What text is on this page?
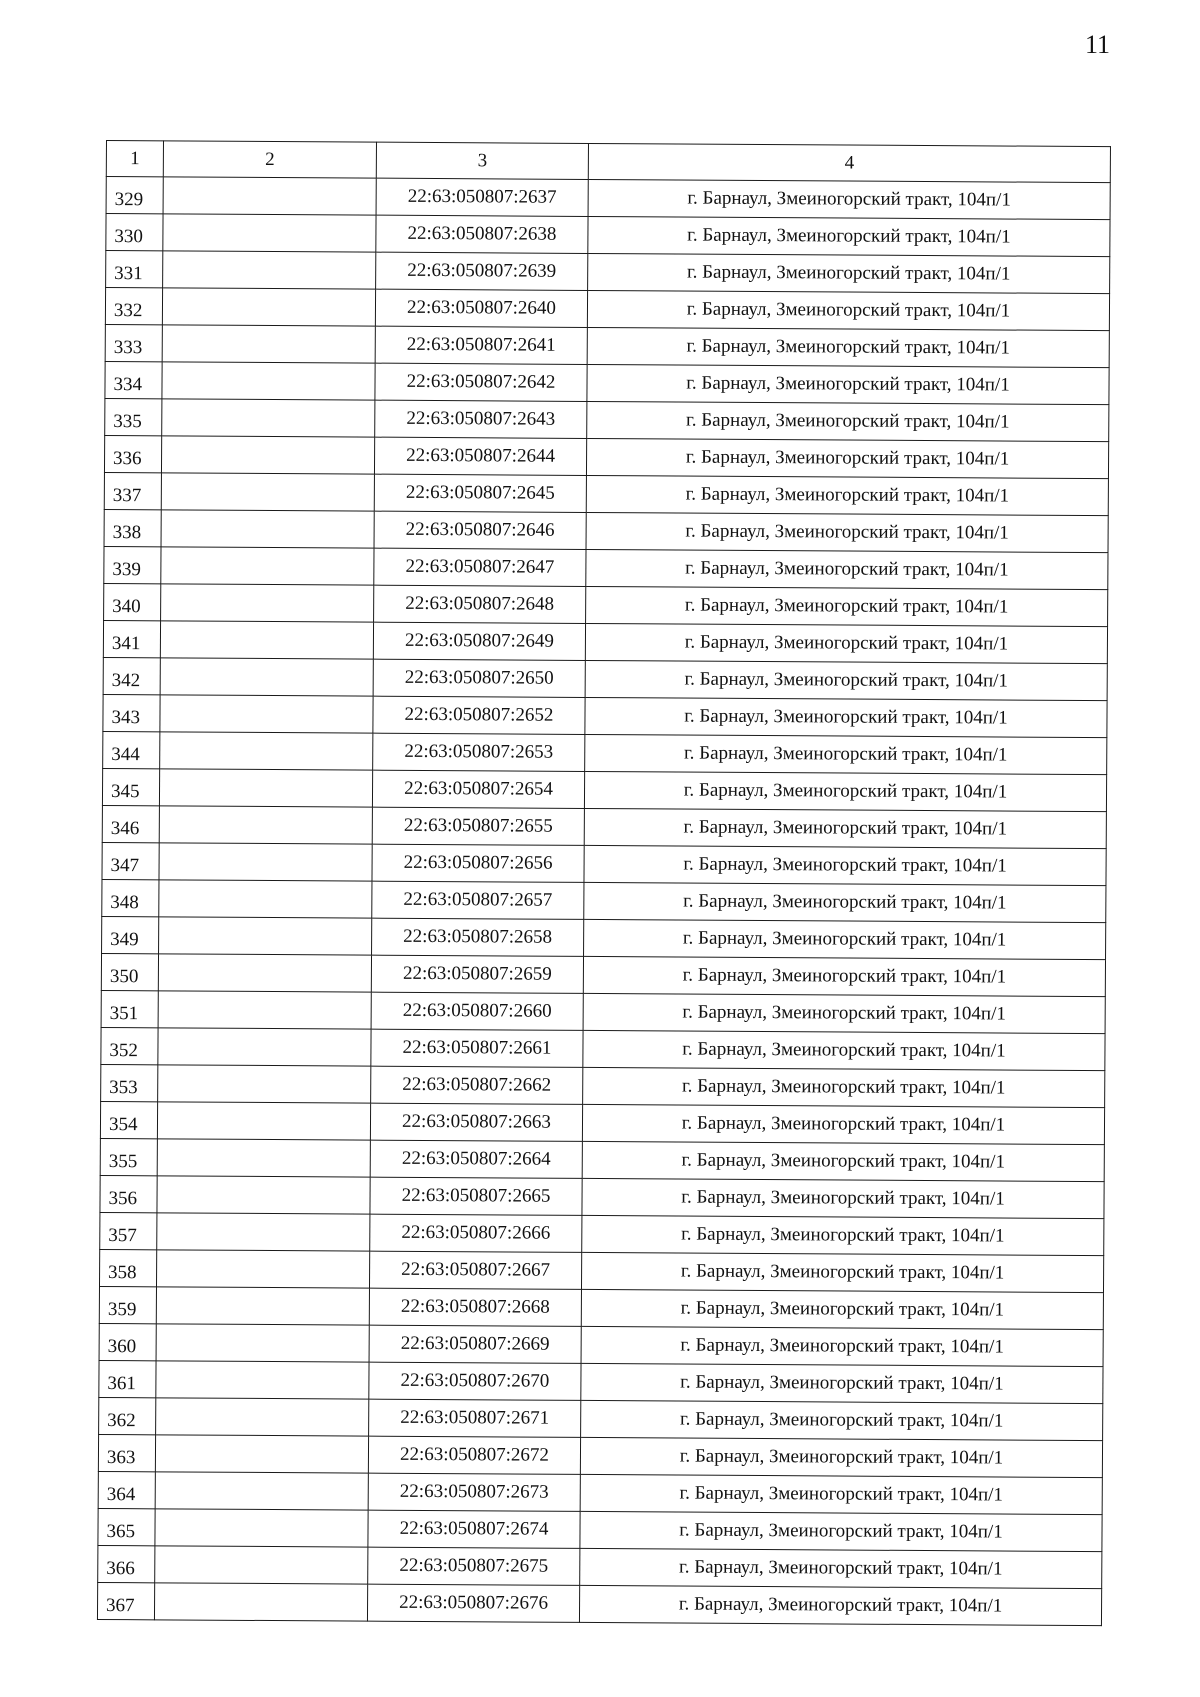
11
1	2	3	4
329		22:63:050807:2637	г. Барнаул, Змеиногорский тракт, 104п/1
330		22:63:050807:2638	г. Барнаул, Змеиногорский тракт, 104п/1
331		22:63:050807:2639	г. Барнаул, Змеиногорский тракт, 104п/1
332		22:63:050807:2640	г. Барнаул, Змеиногорский тракт, 104п/1
333		22:63:050807:2641	г. Барнаул, Змеиногорский тракт, 104п/1
334		22:63:050807:2642	г. Барнаул, Змеиногорский тракт, 104п/1
335		22:63:050807:2643	г. Барнаул, Змеиногорский тракт, 104п/1
336		22:63:050807:2644	г. Барнаул, Змеиногорский тракт, 104п/1
337		22:63:050807:2645	г. Барнаул, Змеиногорский тракт, 104п/1
338		22:63:050807:2646	г. Барнаул, Змеиногорский тракт, 104п/1
339		22:63:050807:2647	г. Барнаул, Змеиногорский тракт, 104п/1
340		22:63:050807:2648	г. Барнаул, Змеиногорский тракт, 104п/1
341		22:63:050807:2649	г. Барнаул, Змеиногорский тракт, 104п/1
342		22:63:050807:2650	г. Барнаул, Змеиногорский тракт, 104п/1
343		22:63:050807:2652	г. Барнаул, Змеиногорский тракт, 104п/1
344		22:63:050807:2653	г. Барнаул, Змеиногорский тракт, 104п/1
345		22:63:050807:2654	г. Барнаул, Змеиногорский тракт, 104п/1
346		22:63:050807:2655	г. Барнаул, Змеиногорский тракт, 104п/1
347		22:63:050807:2656	г. Барнаул, Змеиногорский тракт, 104п/1
348		22:63:050807:2657	г. Барнаул, Змеиногорский тракт, 104п/1
349		22:63:050807:2658	г. Барнаул, Змеиногорский тракт, 104п/1
350		22:63:050807:2659	г. Барнаул, Змеиногорский тракт, 104п/1
351		22:63:050807:2660	г. Барнаул, Змеиногорский тракт, 104п/1
352		22:63:050807:2661	г. Барнаул, Змеиногорский тракт, 104п/1
353		22:63:050807:2662	г. Барнаул, Змеиногорский тракт, 104п/1
354		22:63:050807:2663	г. Барнаул, Змеиногорский тракт, 104п/1
355		22:63:050807:2664	г. Барнаул, Змеиногорский тракт, 104п/1
356		22:63:050807:2665	г. Барнаул, Змеиногорский тракт, 104п/1
357		22:63:050807:2666	г. Барнаул, Змеиногорский тракт, 104п/1
358		22:63:050807:2667	г. Барнаул, Змеиногорский тракт, 104п/1
359		22:63:050807:2668	г. Барнаул, Змеиногорский тракт, 104п/1
360		22:63:050807:2669	г. Барнаул, Змеиногорский тракт, 104п/1
361		22:63:050807:2670	г. Барнаул, Змеиногорский тракт, 104п/1
362		22:63:050807:2671	г. Барнаул, Змеиногорский тракт, 104п/1
363		22:63:050807:2672	г. Барнаул, Змеиногорский тракт, 104п/1
364		22:63:050807:2673	г. Барнаул, Змеиногорский тракт, 104п/1
365		22:63:050807:2674	г. Барнаул, Змеиногорский тракт, 104п/1
366		22:63:050807:2675	г. Барнаул, Змеиногорский тракт, 104п/1
367		22:63:050807:2676	г. Барнаул, Змеиногорский тракт, 104п/1
